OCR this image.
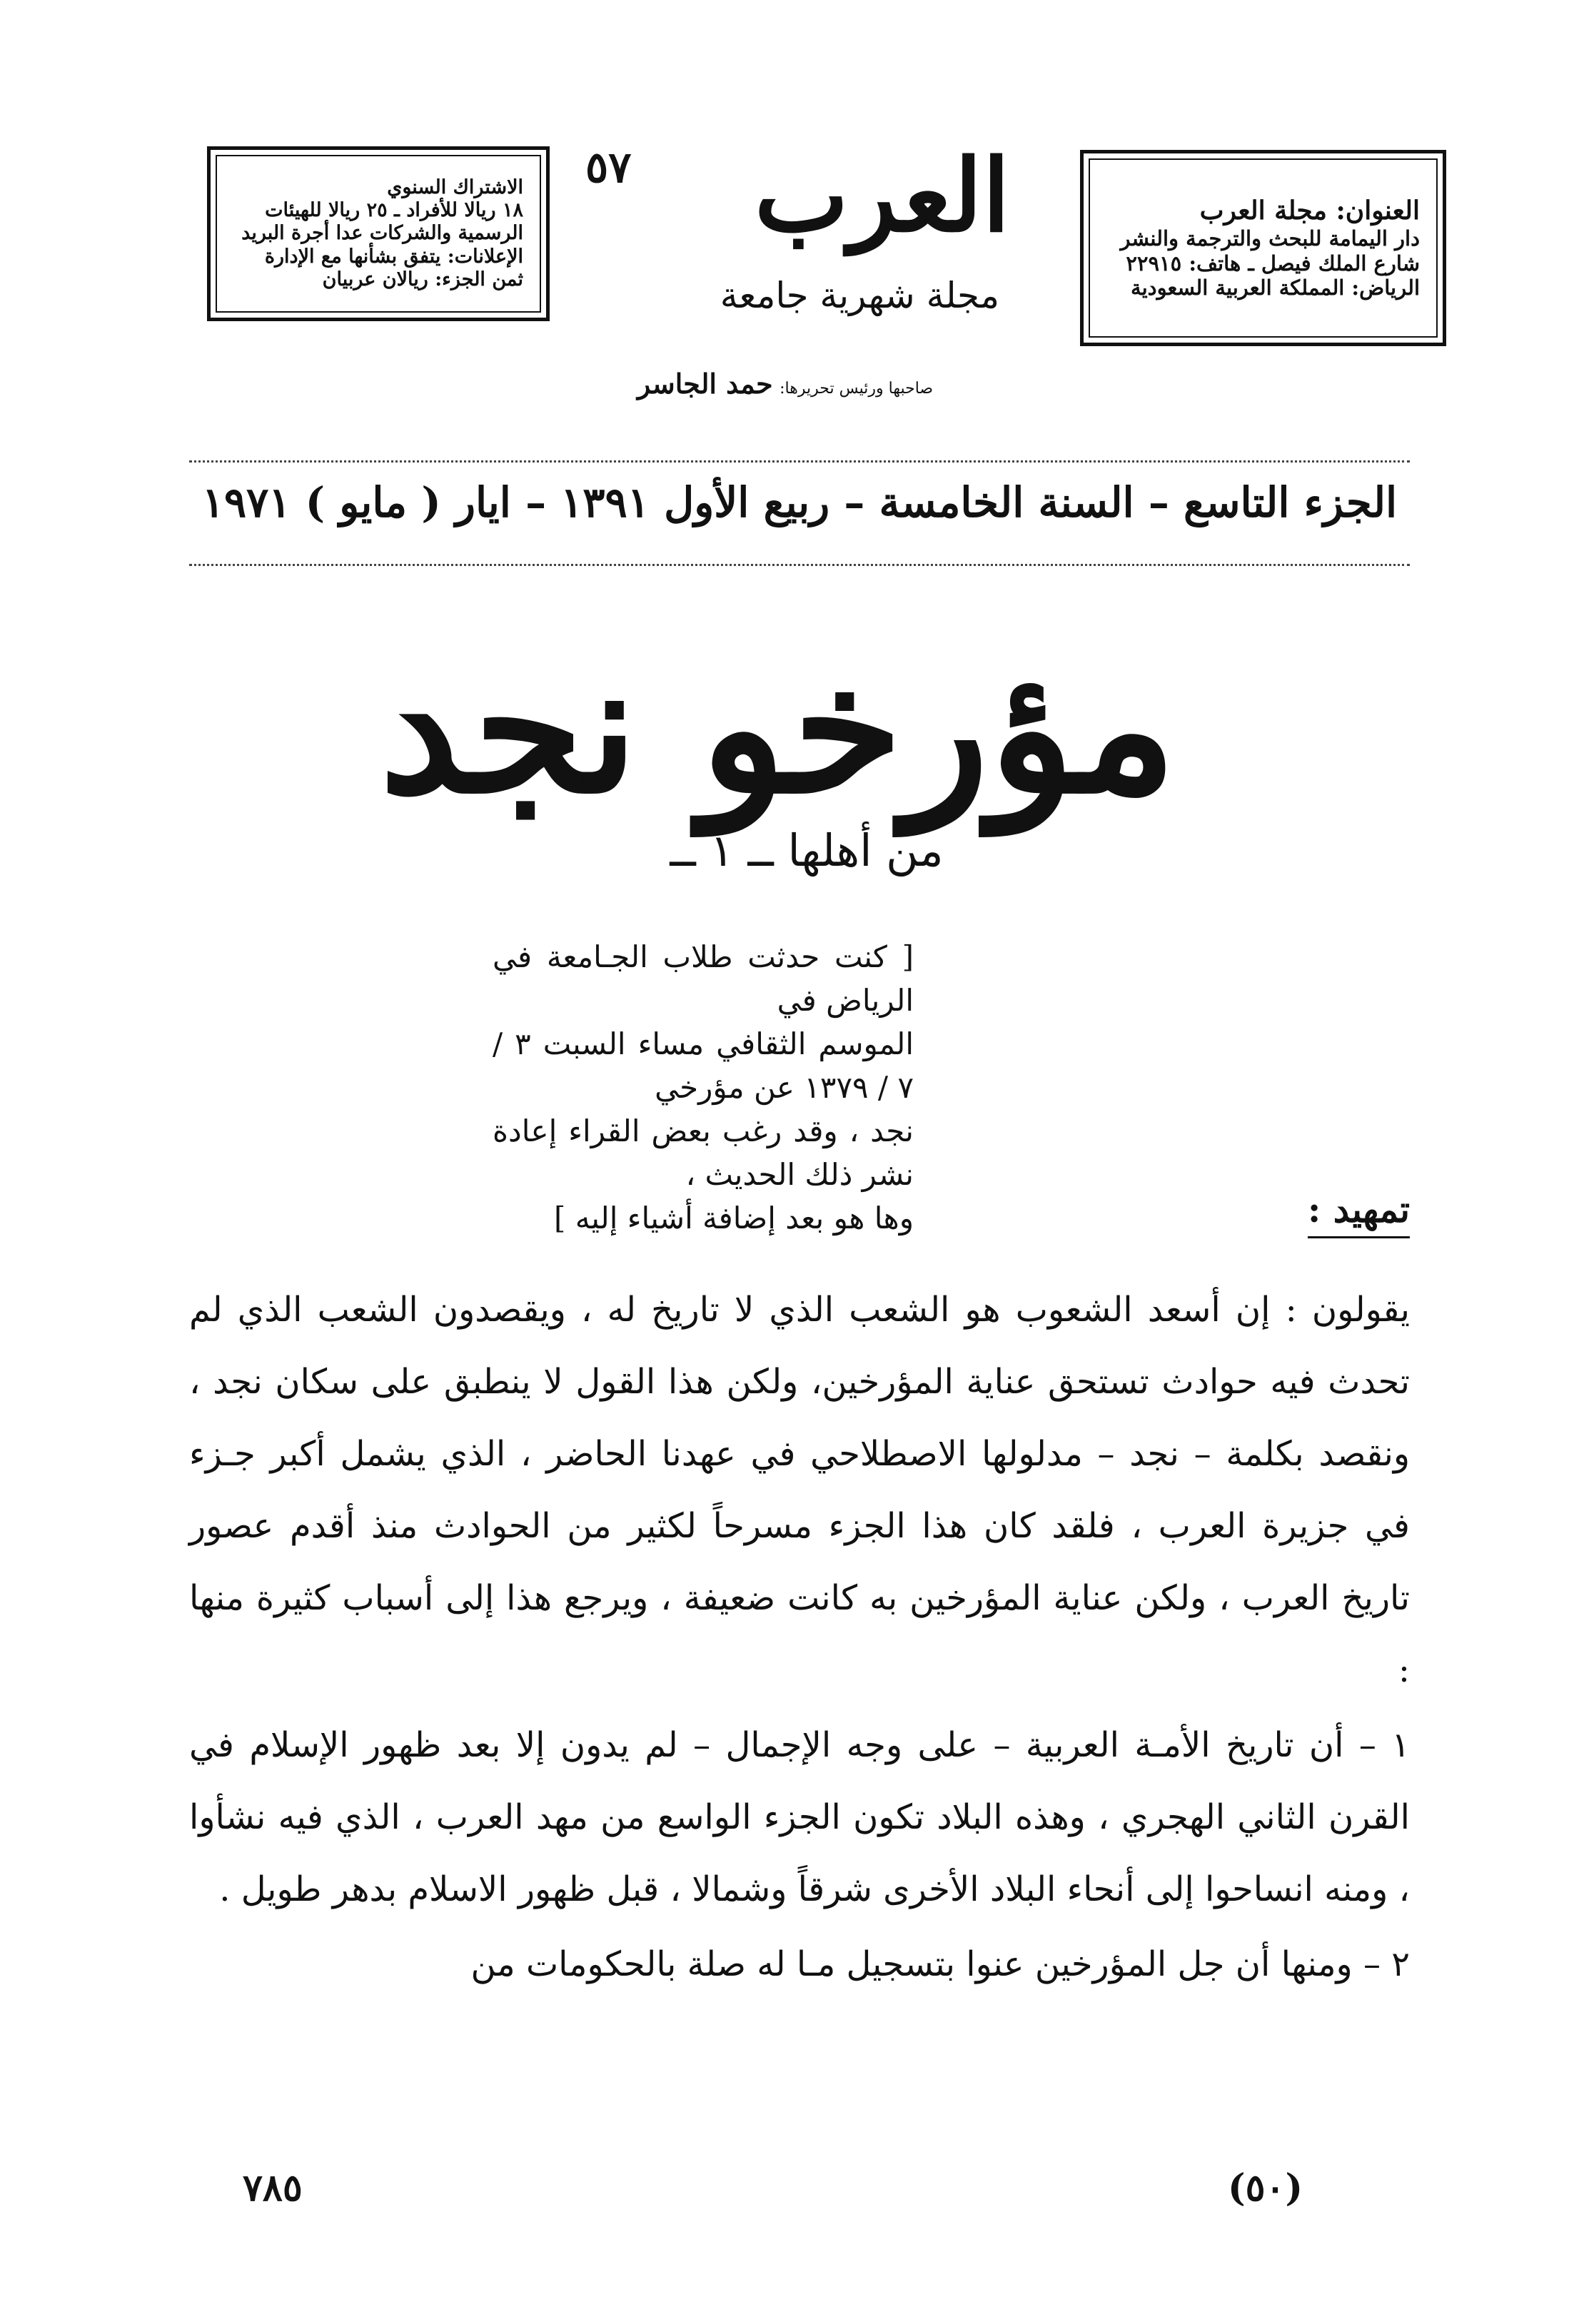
الاشتراك السنوي
١٨ ريالا للأفراد ـ ٢٥ ريالا للهيئات
الرسمية والشركات عدا أجرة البريد
الإعلانات: يتفق بشأنها مع الإدارة
ثمن الجزء: ريالان عربيان
العرب
٥٧
مجلة شهرية جامعة
العنوان: مجلة العرب
دار اليمامة للبحث والترجمة والنشر
شارع الملك فيصل ـ هاتف: ٢٢٩١٥
الرياض: المملكة العربية السعودية
صاحبها ورئيس تحريرها: حمد الجاسر
الجزء التاسع – السنة الخامسة – ربيع الأول ١٣٩١ – ايار ( مايو ) ١٩٧١
مؤرخو نجد
من أهلها ــ ١ ــ

[ كنت حدثت طلاب الجـامعة في الرياض في

الموسم الثقافي مساء السبت ٣ / ٧ / ١٣٧٩ عن مؤرخي

نجد ، وقد رغب بعض القراء إعادة نشر ذلك الحديث ،

وها هو بعد إضافة أشياء إليه ]	تمهيد :

يقولون : إن أسعد الشعوب هو الشعب الذي لا تاريخ له ، ويقصدون الشعب الذي لم تحدث فيه حوادث تستحق عناية المؤرخين، ولكن هذا القول لا ينطبق على سكان نجد ، ونقصد بكلمة – نجد – مدلولها الاصطلاحي في عهدنا الحاضر ، الذي يشمل أكبر جـزء في جزيرة العرب ، فلقد كان هذا الجزء مسرحاً لكثير من الحوادث منذ أقدم عصور تاريخ العرب ، ولكن عناية المؤرخين به كانت ضعيفة ، ويرجع هذا إلى أسباب كثيرة منها :

١ – أن تاريخ الأمـة العربية – على وجه الإجمال – لم يدون إلا بعد ظهور الإسلام في القرن الثاني الهجري ، وهذه البلاد تكون الجزء الواسع من مهد العرب ، الذي فيه نشأوا ، ومنه انساحوا إلى أنحاء البلاد الأخرى شرقاً وشمالا ، قبل ظهور الاسلام بدهر طويل .

٢ – ومنها أن جل المؤرخين عنوا بتسجيل مـا له صلة بالحكومات من

٧٨٥	(٥٠)
